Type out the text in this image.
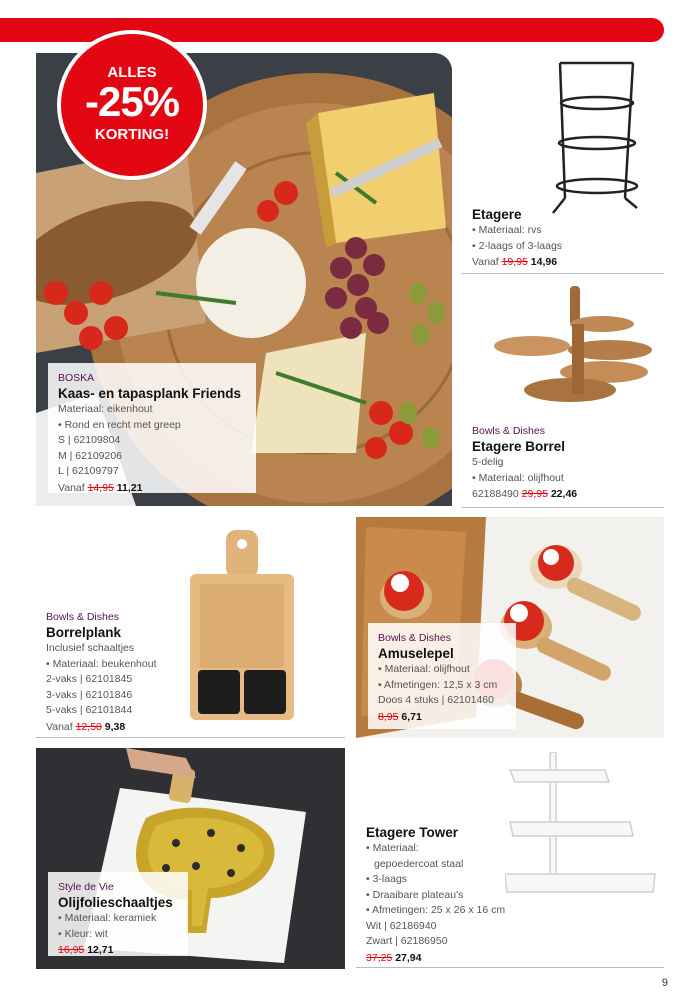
ALLES
-25%
KORTING!
BOSKA
Kaas- en tapasplank Friends
Materiaal: eikenhout
• Rond en recht met greep
S | 62109804
M | 62109206
L | 62109797
Vanaf 14,95 11,21
Etagere
• Materiaal: rvs
• 2-laags of 3-laags
Vanaf 19,95 14,96
Bowls & Dishes
Etagere Borrel
5-delig
• Materiaal: olijfhout
62188490 29,95 22,46
Bowls & Dishes
Borrelplank
Inclusief schaaltjes
• Materiaal: beukenhout
2-vaks | 62101845
3-vaks | 62101846
5-vaks | 62101844
Vanaf 12,50 9,38
Bowls & Dishes
Amuselepel
• Materiaal: olijfhout
• Afmetingen: 12,5 x 3 cm
Doos 4 stuks | 62101460
8,95 6,71
Style de Vie
Olijfolieschaaltjes
• Materiaal: keramiek
• Kleur: wit
16,95 12,71
Etagere Tower
• Materiaal:
gepoedercoat staal
• 3-laags
• Draaibare plateau's
• Afmetingen: 25 x 26 x 16 cm
Wit | 62186940
Zwart | 62186950
37,25 27,94
9
